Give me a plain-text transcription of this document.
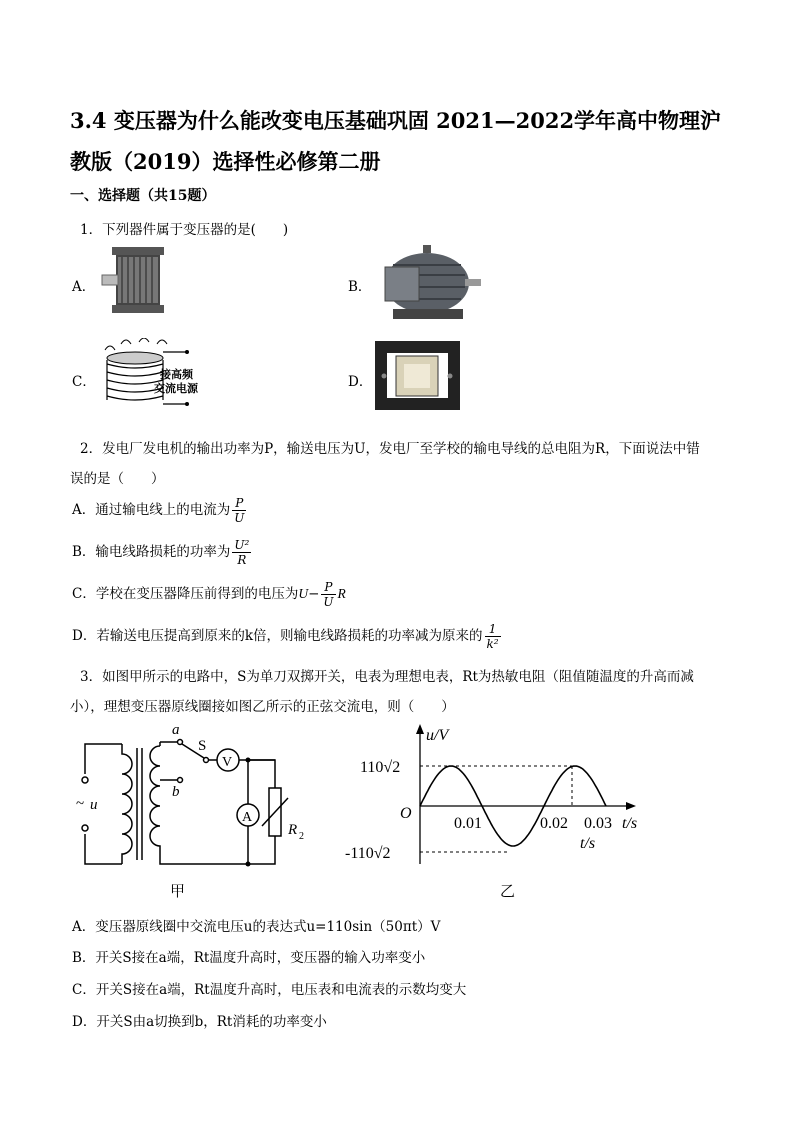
3.4 变压器为什么能改变电压基础巩固 2021—2022学年高中物理沪教版（2019）选择性必修第二册
一、选择题（共15题）
1．下列器件属于变压器的是(　　)
A．	B．
C．	D．
接高频
交流电源
2．发电厂发电机的输出功率为P，输送电压为U，发电厂至学校的输电导线的总电阻为R，下面说法中错
误的是（　　）
A．通过输电线上的电流为 $\frac{P}{U}$
B．输电线路损耗的功率为 $\frac{\text{U²}}{R}$
C．学校在变压器降压前得到的电压为$U- \frac{P}{U}$ R
D．若输送电压提高到原来的k倍，则输电线路损耗的功率减为原来的 $\frac{1}{\text{k²}}$
3．如图甲所示的电路中，S为单刀双掷开关，电表为理想电表，Rt为热敏电阻（阻值随温度的升高而减
小），理想变压器原线圈接如图乙所示的正弦交流电，则（　　）
a
b
S
V
A
R 2
~ u
甲
u/V
O
110√2
-110√2
0.01	0.02 0.03 t/s
t/s
乙
A．变压器原线圈中交流电压u的表达式u=110sin（50πt）V
B．开关S接在a端，Rt温度升高时，变压器的输入功率变小
C．开关S接在a端，Rt温度升高时，电压表和电流表的示数均变大
D．开关S由a切换到b，Rt消耗的功率变小
